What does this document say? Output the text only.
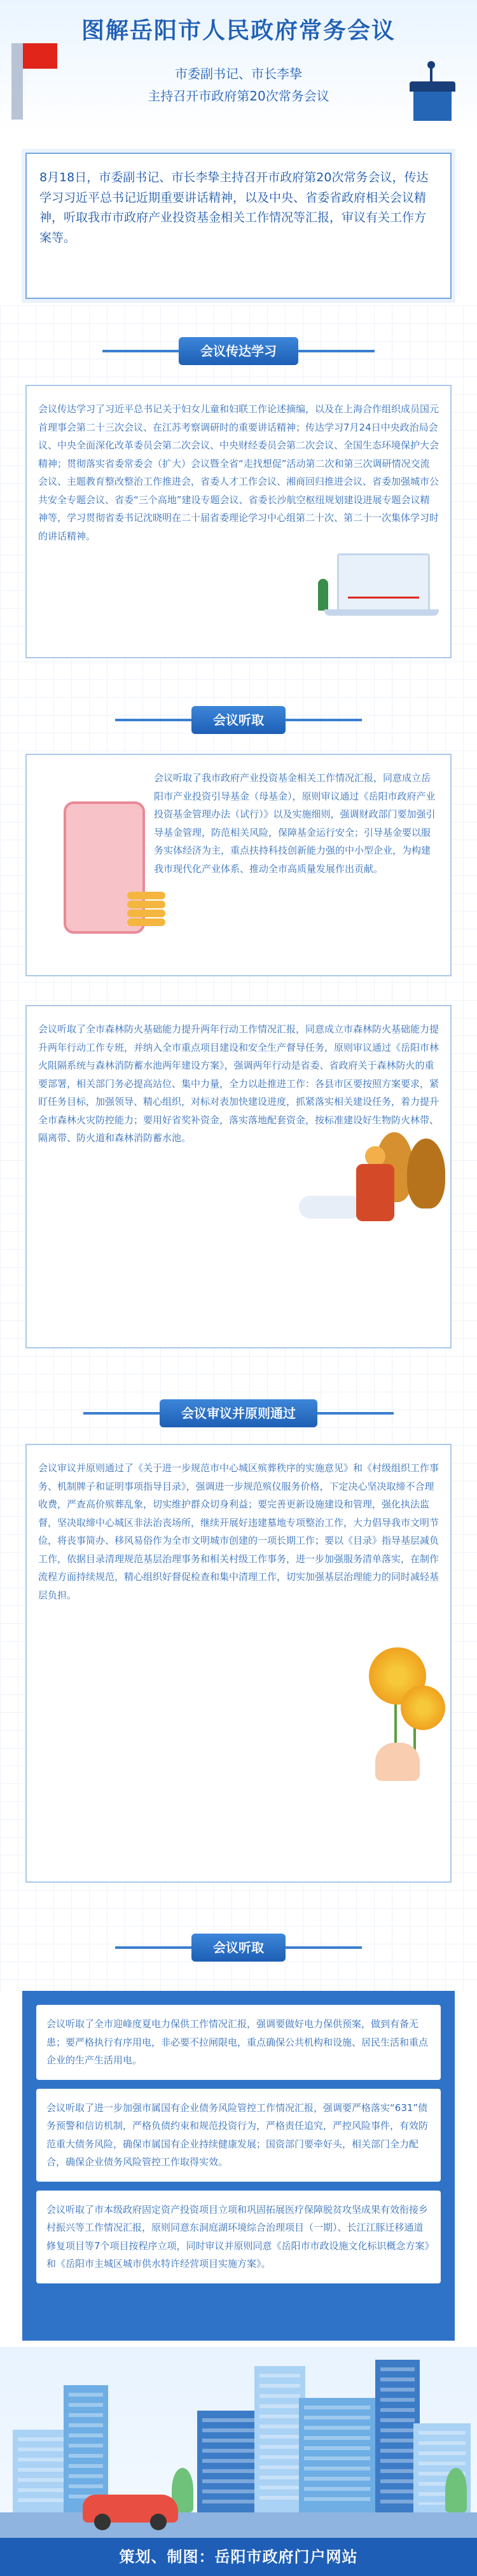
图解岳阳市人民政府常务会议
市委副书记、市长李挚
主持召开市政府第20次常务会议

8月18日，市委副书记、市长李挚主持召开市政府第20次常务会议，传达学习习近平总书记近期重要讲话精神，以及中央、省委省政府相关会议精神，听取我市市政府产业投资基金相关工作情况等汇报，审议有关工作方案等。

会议传达学习

会议传达学习了习近平总书记关于妇女儿童和妇联工作论述摘编，以及在上海合作组织成员国元首理事会第二十三次会议、在江苏考察调研时的重要讲话精神；传达学习7月24日中央政治局会议、中央全面深化改革委员会第二次会议、中央财经委员会第二次会议、全国生态环境保护大会精神；贯彻落实省委常委会（扩大）会议暨全省“走找想促”活动第二次和第三次调研情况交流会议、主题教育整改整治工作推进会，省委人才工作会议、湘商回归推进会议、省委加强城市公共安全专题会议、省委“三个高地”建设专题会议、省委长沙航空枢纽规划建设进展专题会议精神等，学习贯彻省委书记沈晓明在二十届省委理论学习中心组第二十次、第二十一次集体学习时的讲话精神。

会议听取

会议听取了我市政府产业投资基金相关工作情况汇报，同意成立岳阳市产业投资引导基金（母基金），原则审议通过《岳阳市政府产业投资基金管理办法（试行）》以及实施细则，强调财政部门要加强引导基金管理，防范相关风险，保障基金运行安全；引导基金要以服务实体经济为主，重点扶持科技创新能力强的中小型企业，为构建我市现代化产业体系、推动全市高质量发展作出贡献。

会议听取了全市森林防火基础能力提升两年行动工作情况汇报，同意成立市森林防火基础能力提升两年行动工作专班，并纳入全市重点项目建设和安全生产督导任务，原则审议通过《岳阳市林火阻隔系统与森林消防蓄水池两年建设方案》，强调两年行动是省委、省政府关于森林防火的重要部署，相关部门务必提高站位、集中力量，全力以赴推进工作：各县市区要按照方案要求，紧盯任务目标，加强领导、精心组织，对标对表加快建设进度，抓紧落实相关建设任务，着力提升全市森林火灾防控能力；要用好省奖补资金，落实落地配套资金，按标准建设好生物防火林带、隔离带、防火道和森林消防蓄水池。

会议审议并原则通过

会议审议并原则通过了《关于进一步规范市中心城区殡葬秩序的实施意见》和《村级组织工作事务、机制牌子和证明事项指导目录》，强调进一步规范殡仪服务价格，下定决心坚决取缔不合理收费，严查高价殡葬乱象，切实维护群众切身利益；要完善更新设施建设和管理，强化执法监督，坚决取缔中心城区非法治丧场所，继续开展好违建墓地专项整治工作，大力倡导我市文明节俭，将丧事简办、移风易俗作为全市文明城市创建的一项长期工作；要以《目录》指导基层减负工作，依据目录清理规范基层治理事务和相关村级工作事务，进一步加强服务清单落实，在制作流程方面持续规范，精心组织好督促检查和集中清理工作，切实加强基层治理能力的同时减轻基层负担。

会议听取

会议听取了全市迎峰度夏电力保供工作情况汇报，强调要做好电力保供预案，做到有备无患；要严格执行有序用电，非必要不拉闸限电，重点确保公共机构和设施、居民生活和重点企业的生产生活用电。

会议听取了进一步加强市属国有企业债务风险管控工作情况汇报，强调要严格落实“631”债务预警和信访机制，严格负债约束和规范投资行为，严格责任追究，严控风险事件，有效防范重大债务风险，确保市属国有企业持续健康发展；国资部门要牵好头，相关部门全力配合，确保企业债务风险管控工作取得实效。

会议听取了市本级政府固定资产投资项目立项和巩固拓展医疗保障脱贫攻坚成果有效衔接乡村振兴等工作情况汇报，原则同意东洞庭湖环境综合治理项目（一期）、长江江豚迁移通道修复项目等7个项目按程序立项，同时审议并原则同意《岳阳市市政设施文化标识概念方案》和《岳阳市主城区城市供水特许经营项目实施方案》。

策划、制图：岳阳市政府门户网站
